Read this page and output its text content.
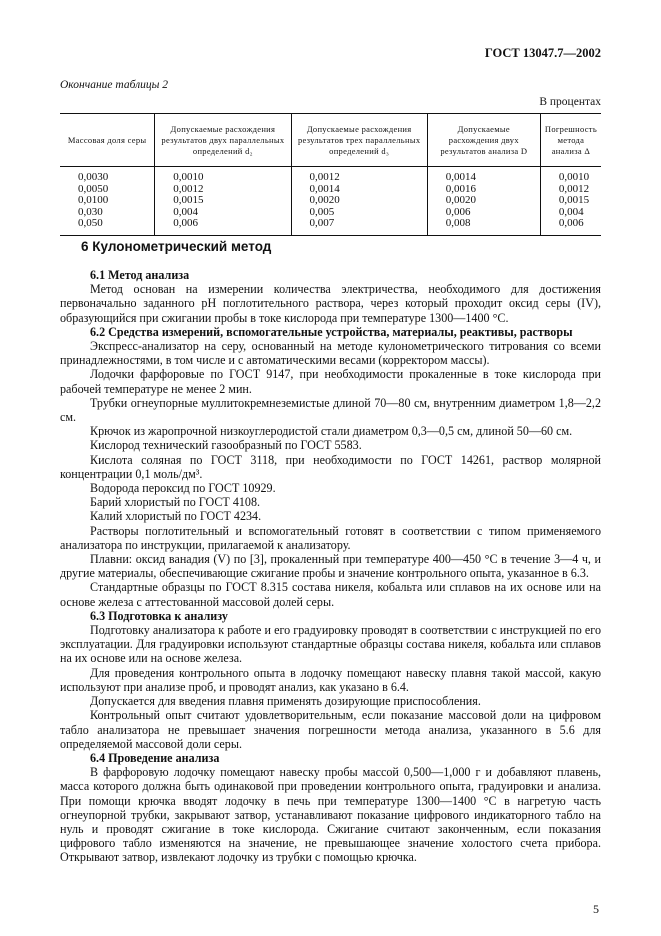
ГОСТ 13047.7—2002
Окончание таблицы 2
В процентах
Массовая доля серы	Допускаемые расхождения результатов двух параллельных определений d₂	Допускаемые расхождения результатов трех параллельных определений d₃	Допускаемые расхождения двух результатов анализа D	Погрешность метода анализа Δ
0,0030	0,0010	0,0012	0,0014	0,0010
0,0050	0,0012	0,0014	0,0016	0,0012
0,0100	0,0015	0,0020	0,0020	0,0015
0,030	0,004	0,005	0,006	0,004
0,050	0,006	0,007	0,008	0,006
6 Кулонометрический метод

6.1 Метод анализа

Метод основан на измерении количества электричества, необходимого для достижения первоначально заданного pH поглотительного раствора, через который проходит оксид серы (IV), образующийся при сжигании пробы в токе кислорода при температуре 1300—1400 °С.

6.2 Средства измерений, вспомогательные устройства, материалы, реактивы, растворы

Экспресс-анализатор на серу, основанный на методе кулонометрического титрования со всеми принадлежностями, в том числе и с автоматическими весами (корректором массы).

Лодочки фарфоровые по ГОСТ 9147, при необходимости прокаленные в токе кислорода при рабочей температуре не менее 2 мин.

Трубки огнеупорные муллитокремнеземистые длиной 70—80 см, внутренним диаметром 1,8—2,2 см.

Крючок из жаропрочной низкоуглеродистой стали диаметром 0,3—0,5 см, длиной 50—60 см.

Кислород технический газообразный по ГОСТ 5583.

Кислота соляная по ГОСТ 3118, при необходимости по ГОСТ 14261, раствор молярной концентрации 0,1 моль/дм³.

Водорода пероксид по ГОСТ 10929.

Барий хлористый по ГОСТ 4108.

Калий хлористый по ГОСТ 4234.

Растворы поглотительный и вспомогательный готовят в соответствии с типом применяемого анализатора по инструкции, прилагаемой к анализатору.

Плавни: оксид ванадия (V) по [3], прокаленный при температуре 400—450 °С в течение 3—4 ч, и другие материалы, обеспечивающие сжигание пробы и значение контрольного опыта, указанное в 6.3.

Стандартные образцы по ГОСТ 8.315 состава никеля, кобальта или сплавов на их основе или на основе железа с аттестованной массовой долей серы.

6.3 Подготовка к анализу

Подготовку анализатора к работе и его градуировку проводят в соответствии с инструкцией по его эксплуатации. Для градуировки используют стандартные образцы состава никеля, кобальта или сплавов на их основе или на основе железа.

Для проведения контрольного опыта в лодочку помещают навеску плавня такой массой, какую используют при анализе проб, и проводят анализ, как указано в 6.4.

Допускается для введения плавня применять дозирующие приспособления.

Контрольный опыт считают удовлетворительным, если показание массовой доли на цифровом табло анализатора не превышает значения погрешности метода анализа, указанного в 5.6 для определяемой массовой доли серы.

6.4 Проведение анализа

В фарфоровую лодочку помещают навеску пробы массой 0,500—1,000 г и добавляют плавень, масса которого должна быть одинаковой при проведении контрольного опыта, градуировки и анализа. При помощи крючка вводят лодочку в печь при температуре 1300—1400 °С в нагретую часть огнеупорной трубки, закрывают затвор, устанавливают показание цифрового индикаторного табло на нуль и проводят сжигание в токе кислорода. Сжигание считают законченным, если показания цифрового табло изменяются на значение, не превышающее значение холостого счета прибора. Открывают затвор, извлекают лодочку из трубки с помощью крючка.

5
